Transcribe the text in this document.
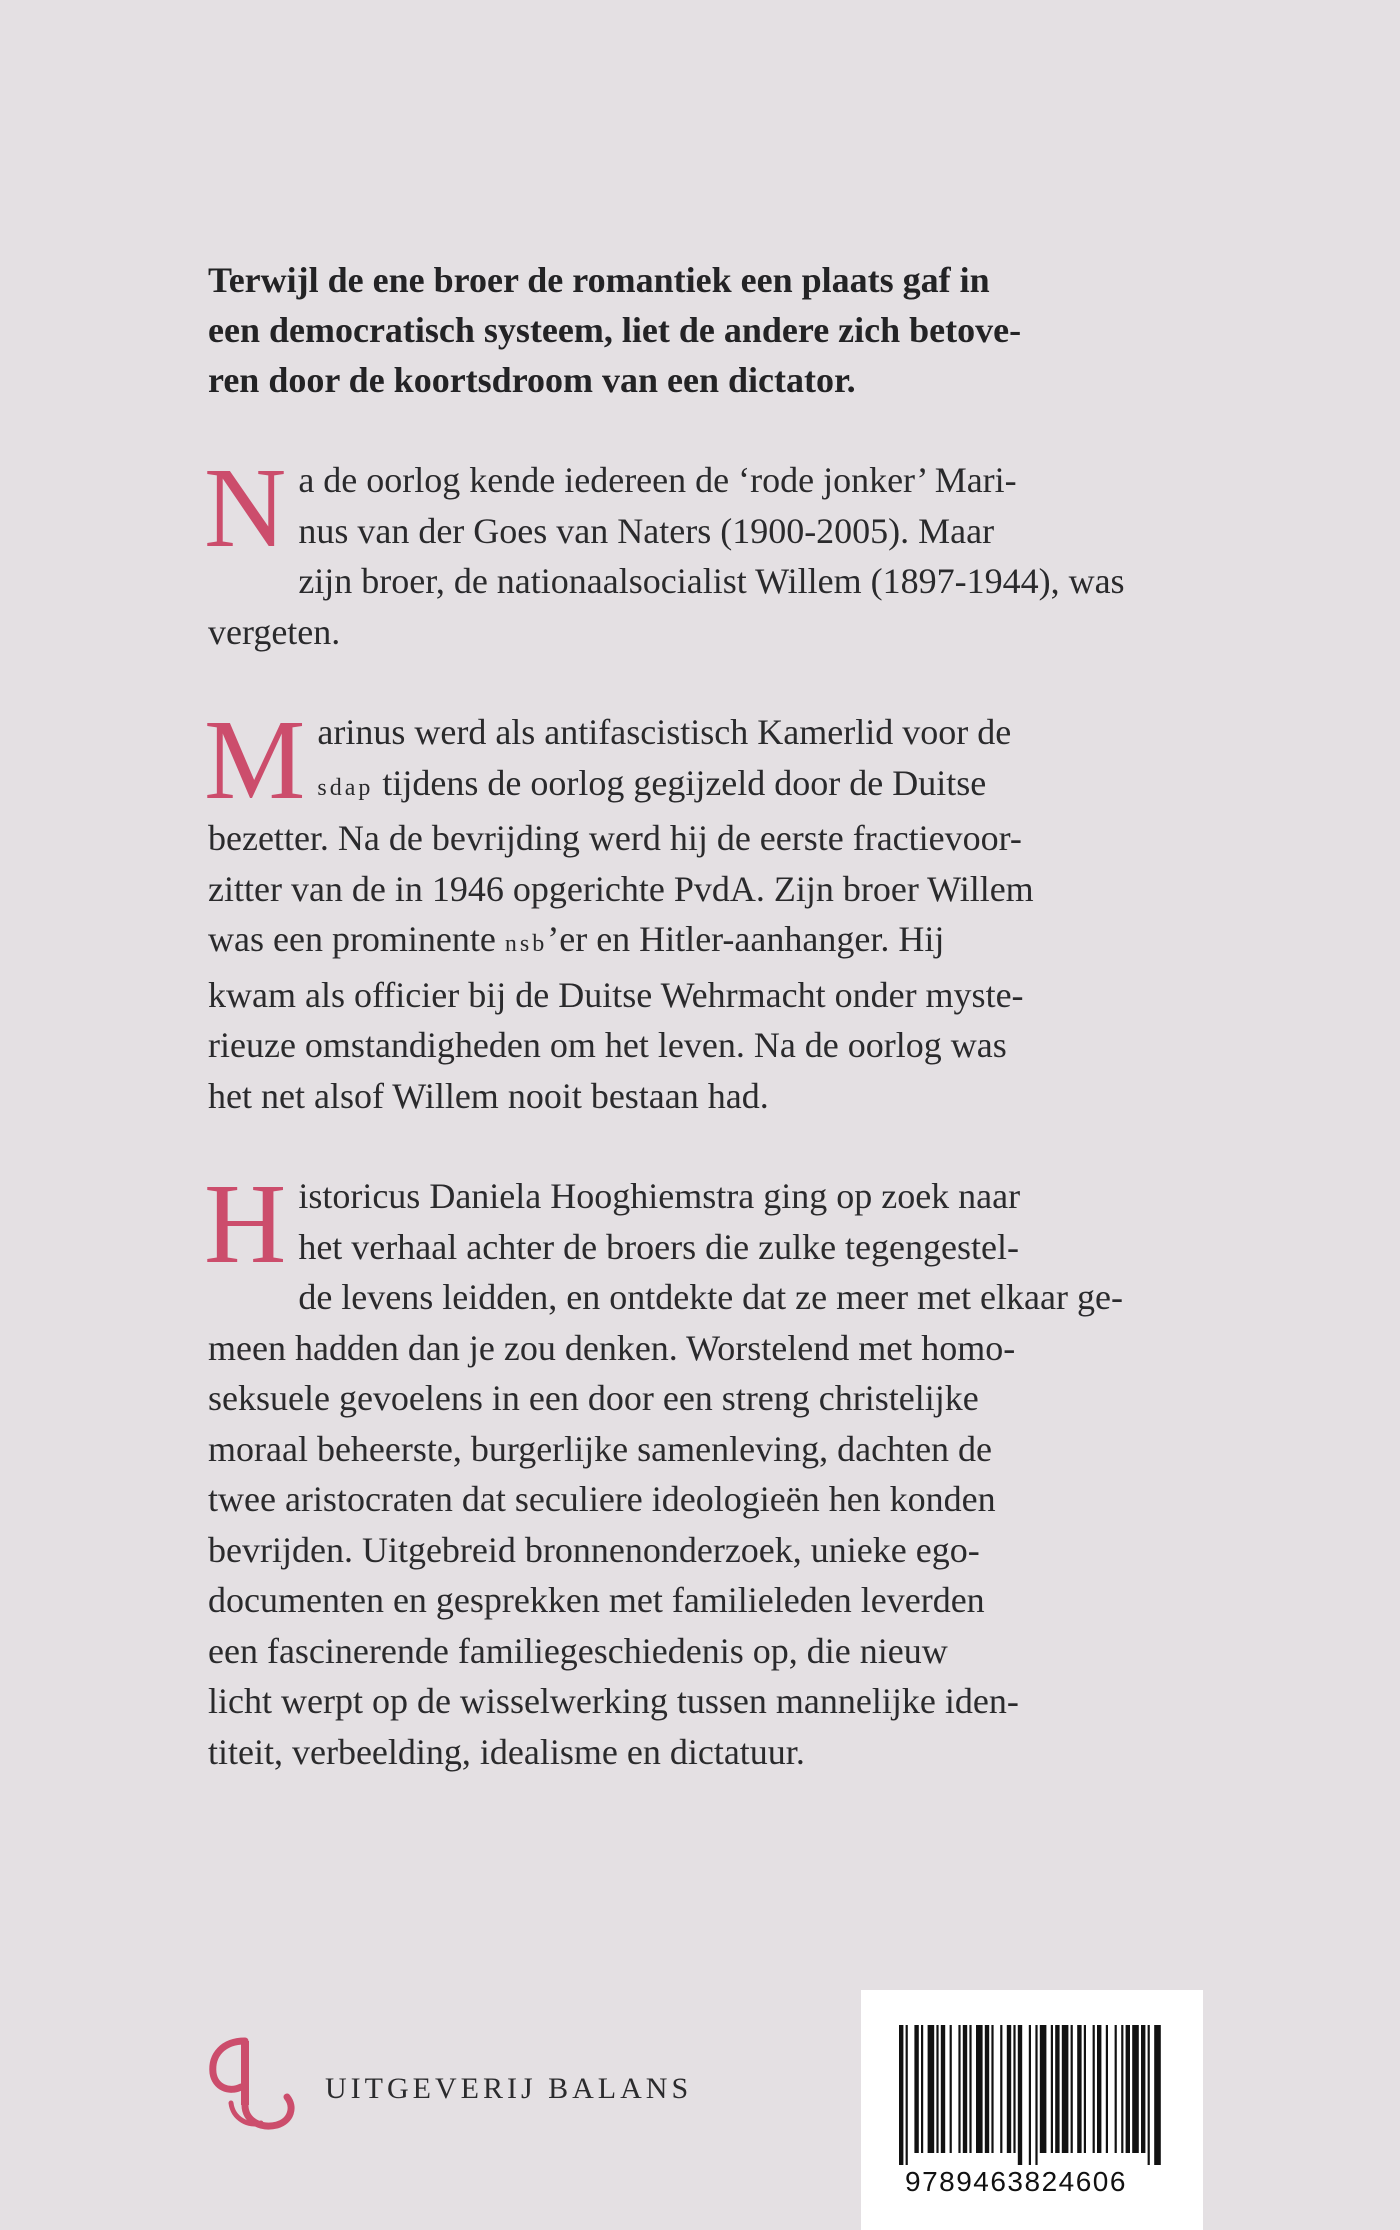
Terwijl de ene broer de romantiek een plaats gaf in
een democratisch systeem, liet de andere zich betove-
ren door de koortsdroom van een dictator.

N a de oorlog kende iedereen de ‘rode jonker’ Mari-
nus van der Goes van Naters (1900-2005). Maar
zijn broer, de nationaalsocialist Willem (1897-1944), was
vergeten.

M arinus werd als antifascistisch Kamerlid voor de
sdap tijdens de oorlog gegijzeld door de Duitse
bezetter. Na de bevrijding werd hij de eerste fractievoor-
zitter van de in 1946 opgerichte PvdA. Zijn broer Willem
was een prominente nsb’er en Hitler-aanhanger. Hij
kwam als officier bij de Duitse Wehrmacht onder myste-
rieuze omstandigheden om het leven. Na de oorlog was
het net alsof Willem nooit bestaan had.

H istoricus Daniela Hooghiemstra ging op zoek naar
het verhaal achter de broers die zulke tegengestel-
de levens leidden, en ontdekte dat ze meer met elkaar ge-
meen hadden dan je zou denken. Worstelend met homo-
seksuele gevoelens in een door een streng christelijke
moraal beheerste, burgerlijke samenleving, dachten de
twee aristocraten dat seculiere ideologieën hen konden
bevrijden. Uitgebreid bronnenonderzoek, unieke ego-
documenten en gesprekken met familieleden leverden
een fascinerende familiegeschiedenis op, die nieuw
licht werpt op de wisselwerking tussen mannelijke iden-
titeit, verbeelding, idealisme en dictatuur.

UITGEVERIJ BALANS
9789463824606
